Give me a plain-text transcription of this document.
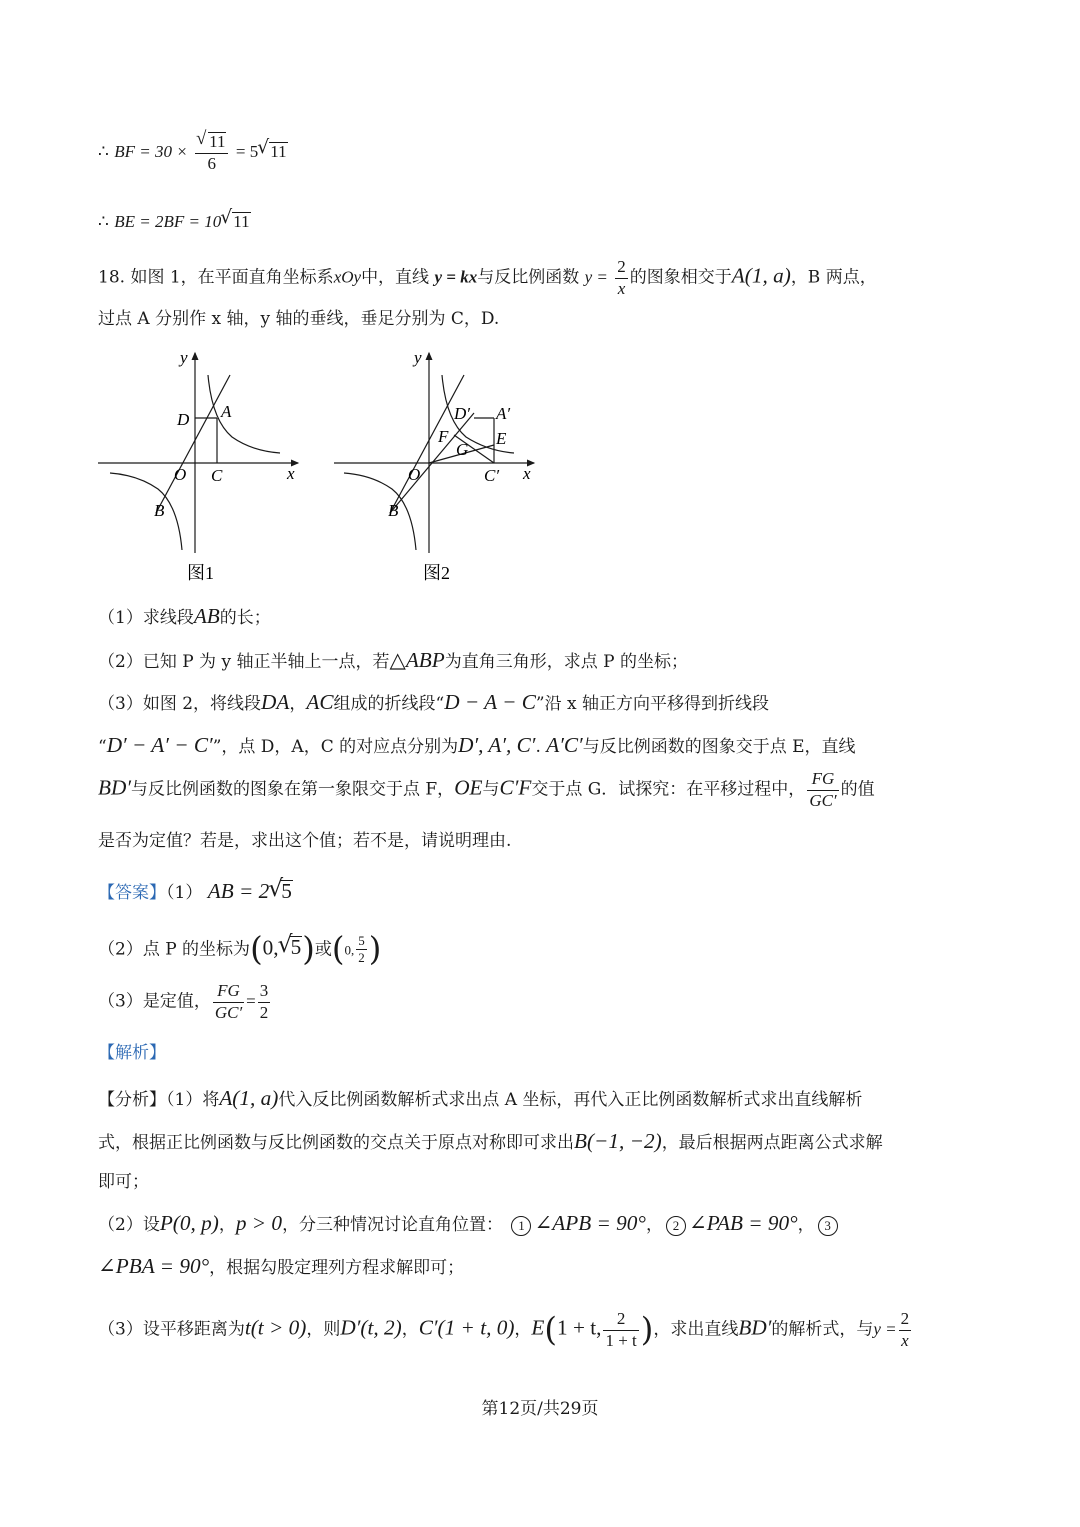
∴ BF = 30 ×
√ $\frac{11}{6} = 5√$ 11
∴ BE = 2BF = 10√ 11
18. 如图 1，在平面直角坐标系xOy中，直线 y = kx与反比例函数 $y = \frac{2}{x}$ 的图象相交于A(1, a)，B 两点，
过点 A 分别作 x 轴，y 轴的垂线，垂足分别为 C，D.
y
x
O
D A
C
B
图1
y
x
O
D′ A′
E
F
G
C′
B
图2
（1）求线段AB的长；
（2）已知 P 为 y 轴正半轴上一点，若△ABP为直角三角形，求点 P 的坐标；
（3）如图 2，将线段DA，AC组成的折线段“D − A − C”沿 x 轴正方向平移得到折线段
“D′ − A′ − C′”，点 D，A，C 的对应点分别为D′, A′, C′. A′C′与反比例函数的图象交于点 E，直线
BD′与反比例函数的图象在第一象限交于点 F，OE与C′F交于点 G．试探究：在平移过程中， $\frac{FG}{GC'}$ 的值
是否为定值？若是，求出这个值；若不是，请说明理由.
【答案】（1） AB = 2√ 5
（2）点 P 的坐标为(0,√ 5)或(0, $\frac{5}{2}$ )
（3）是定值， $\frac{FG}{GC'} = \frac{3}{2}$
【解析】
【分析】（1）将A(1, a)代入反比例函数解析式求出点 A 坐标，再代入正比例函数解析式求出直线解析
式，根据正比例函数与反比例函数的交点关于原点对称即可求出B(−1, −2)，最后根据两点距离公式求解
即可；
（2）设P(0, p)，p > 0，分三种情况讨论直角位置： 1 ∠APB = 90°， 2 ∠PAB = 90°， 3
∠PBA = 90°，根据勾股定理列方程求解即可；
（3）设平移距离为t(t > 0)，则D′(t, 2)，C′(1 + t, 0)，E(1 + t, $\frac{2}{1 + t}$ )，求出直线BD′的解析式，与$y = \frac{2}{x}$
第12页/共29页
